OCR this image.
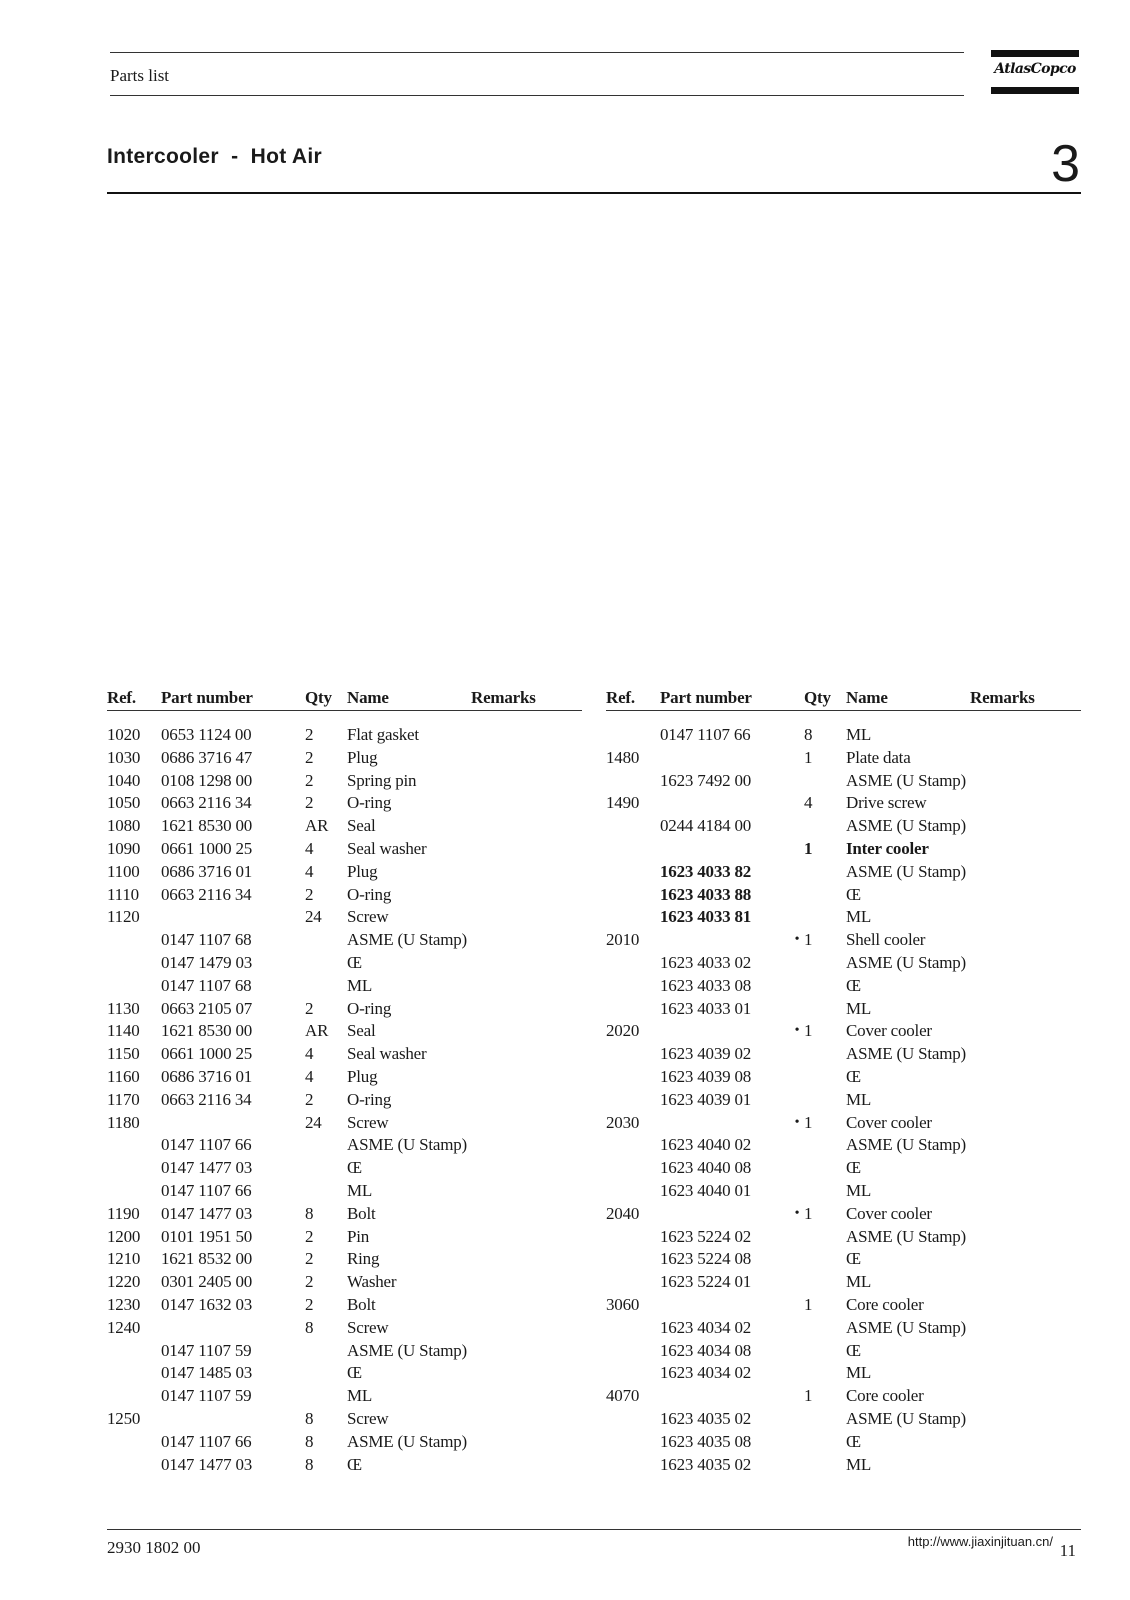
Parts list	AtlasCopco
Intercooler  -  Hot Air	3
Ref.	Part number		Qty	Name Remarks

1020	0653 1124 00		2	Flat gasket
1030	0686 3716 47		2	Plug
1040	0108 1298 00		2	Spring pin
1050	0663 2116 34		2	O-ring
1080	1621 8530 00		AR	Seal
1090	0661 1000 25		4	Seal washer
1100	0686 3716 01		4	Plug
1110	0663 2116 34		2	O-ring
1120			24	Screw
	0147 1107 68			ASME (U Stamp)
	0147 1479 03			Œ
	0147 1107 68			ML
1130	0663 2105 07		2	O-ring
1140	1621 8530 00		AR	Seal
1150	0661 1000 25		4	Seal washer
1160	0686 3716 01		4	Plug
1170	0663 2116 34		2	O-ring
1180			24	Screw
	0147 1107 66			ASME (U Stamp)
	0147 1477 03			Œ
	0147 1107 66			ML
1190	0147 1477 03		8	Bolt
1200	0101 1951 50		2	Pin
1210	1621 8532 00		2	Ring
1220	0301 2405 00		2	Washer
1230	0147 1632 03		2	Bolt
1240			8	Screw
	0147 1107 59			ASME (U Stamp)
	0147 1485 03			Œ
	0147 1107 59			ML
1250			8	Screw
	0147 1107 66		8	ASME (U Stamp)
	0147 1477 03		8	Œ
Ref.	Part number		Qty	Name Remarks

	0147 1107 66		8	ML
1480			1	Plate data
	1623 7492 00			ASME (U Stamp)
1490			4	Drive screw
	0244 4184 00			ASME (U Stamp)
			1	Inter cooler
	1623 4033 82			ASME (U Stamp)
	1623 4033 88			Œ
	1623 4033 81			ML
2010		•	1	Shell cooler
	1623 4033 02			ASME (U Stamp)
	1623 4033 08			Œ
	1623 4033 01			ML
2020		•	1	Cover cooler
	1623 4039 02			ASME (U Stamp)
	1623 4039 08			Œ
	1623 4039 01			ML
2030		•	1	Cover cooler
	1623 4040 02			ASME (U Stamp)
	1623 4040 08			Œ
	1623 4040 01			ML
2040		•	1	Cover cooler
	1623 5224 02			ASME (U Stamp)
	1623 5224 08			Œ
	1623 5224 01			ML
3060			1	Core cooler
	1623 4034 02			ASME (U Stamp)
	1623 4034 08			Œ
	1623 4034 02			ML
4070			1	Core cooler
	1623 4035 02			ASME (U Stamp)
	1623 4035 08			Œ
	1623 4035 02			ML
2930 1802 00	http://www.jiaxinjituan.cn/ 11
